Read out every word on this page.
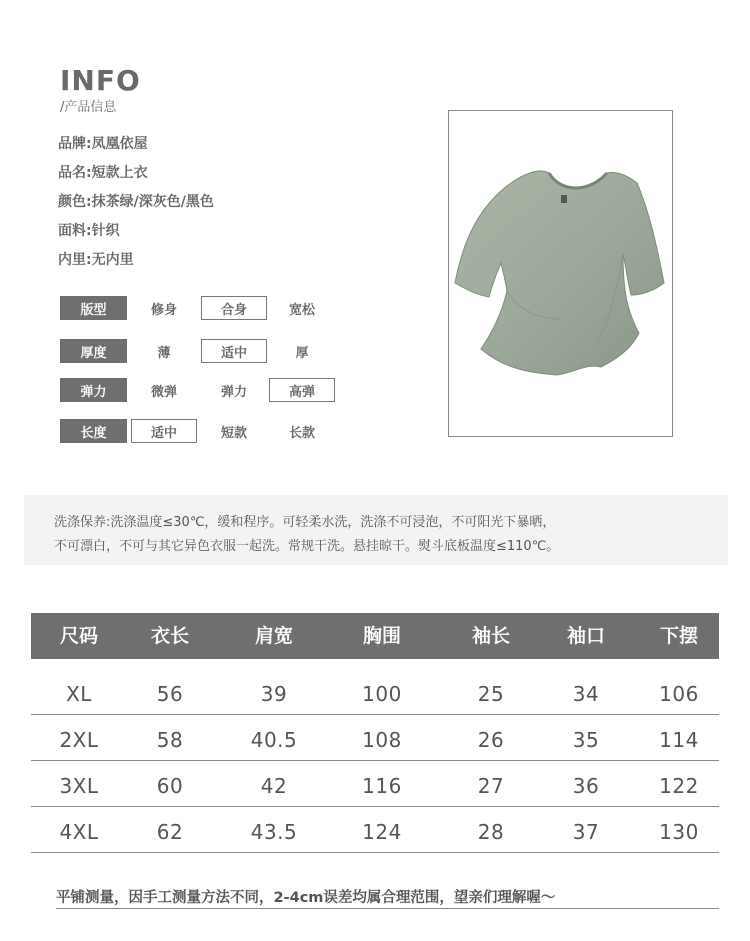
INFO
/产品信息
品牌:凤凰依屋
品名:短款上衣
颜色:抹茶绿/深灰色/黑色
面料:针织
内里:无内里
版型	修身	合身	宽松
厚度	薄	适中	厚
弹力	微弹	弹力	高弹
长度	适中	短款	长款
洗涤保养:洗涤温度≤30℃，缓和程序。可轻柔水洗，洗涤不可浸泡，不可阳光下暴晒，
不可漂白，不可与其它异色衣服一起洗。常规干洗。悬挂晾干。熨斗底板温度≤110℃。
尺码	衣长	肩宽	胸围	袖长	袖口	下摆
XL	56	39	100	25	34	106
2XL	58	40.5	108	26	35	114
3XL	60	42	116	27	36	122
4XL	62	43.5	124	28	37	130
平铺测量，因手工测量方法不同，2-4cm误差均属合理范围，望亲们理解喔～
